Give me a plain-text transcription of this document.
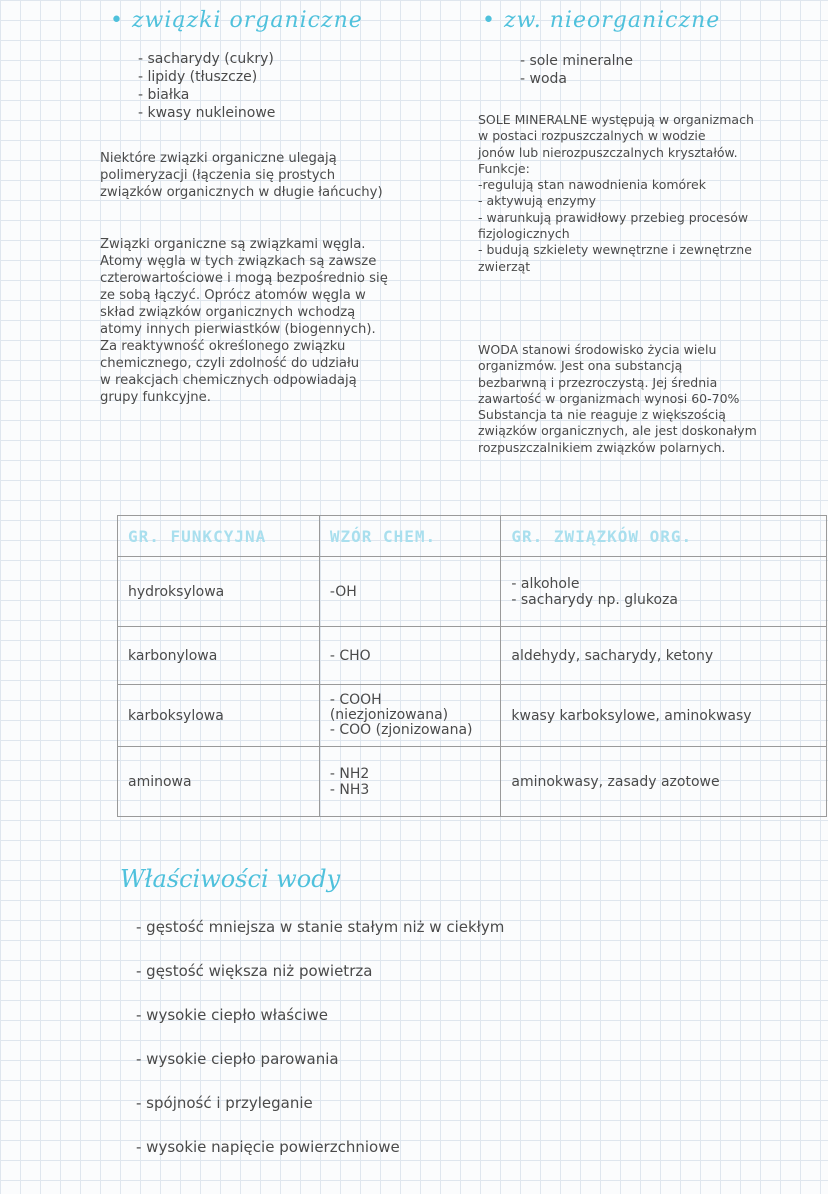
• związki organiczne
- sacharydy (cukry)
- lipidy (tłuszcze)
- białka
- kwasy nukleinowe
Niektóre związki organiczne ulegają
polimeryzacji (łączenia się prostych
związków organicznych w długie łańcuchy)
Związki organiczne są związkami węgla.
Atomy węgla w tych związkach są zawsze
czterowartościowe i mogą bezpośrednio się
ze sobą łączyć. Oprócz atomów węgla w
skład związków organicznych wchodzą
atomy innych pierwiastków (biogennych).
Za reaktywność określonego związku
chemicznego, czyli zdolność do udziału
w reakcjach chemicznych odpowiadają
grupy funkcyjne.
• zw. nieorganiczne
- sole mineralne
- woda
SOLE MINERALNE występują w organizmach
w postaci rozpuszczalnych w wodzie
jonów lub nierozpuszczalnych kryształów.
Funkcje:
-regulują stan nawodnienia komórek
- aktywują enzymy
- warunkują prawidłowy przebieg procesów
fizjologicznych
- budują szkielety wewnętrzne i zewnętrzne
zwierząt
WODA stanowi środowisko życia wielu
organizmów. Jest ona substancją
bezbarwną i przezroczystą. Jej średnia
zawartość w organizmach wynosi 60-70%
Substancja ta nie reaguje z większością
związków organicznych, ale jest doskonałym
rozpuszczalnikiem związków polarnych.
GR. FUNKCYJNA	WZÓR CHEM.	GR. ZWIĄZKÓW ORG.
hydroksylowa	-OH	- alkohole
- sacharydy np. glukoza

karbonylowa	- CHO	aldehydy, sacharydy, ketony

karboksylowa	- COOH (niezjonizowana)
- COO (zjonizowana)	kwasy karboksylowe, aminokwasy

aminowa	- NH2
- NH3	aminokwasy, zasady azotowe
Właściwości wody
- gęstość mniejsza w stanie stałym niż w ciekłym
- gęstość większa niż powietrza
- wysokie ciepło właściwe
- wysokie ciepło parowania
- spójność i przyleganie
- wysokie napięcie powierzchniowe
